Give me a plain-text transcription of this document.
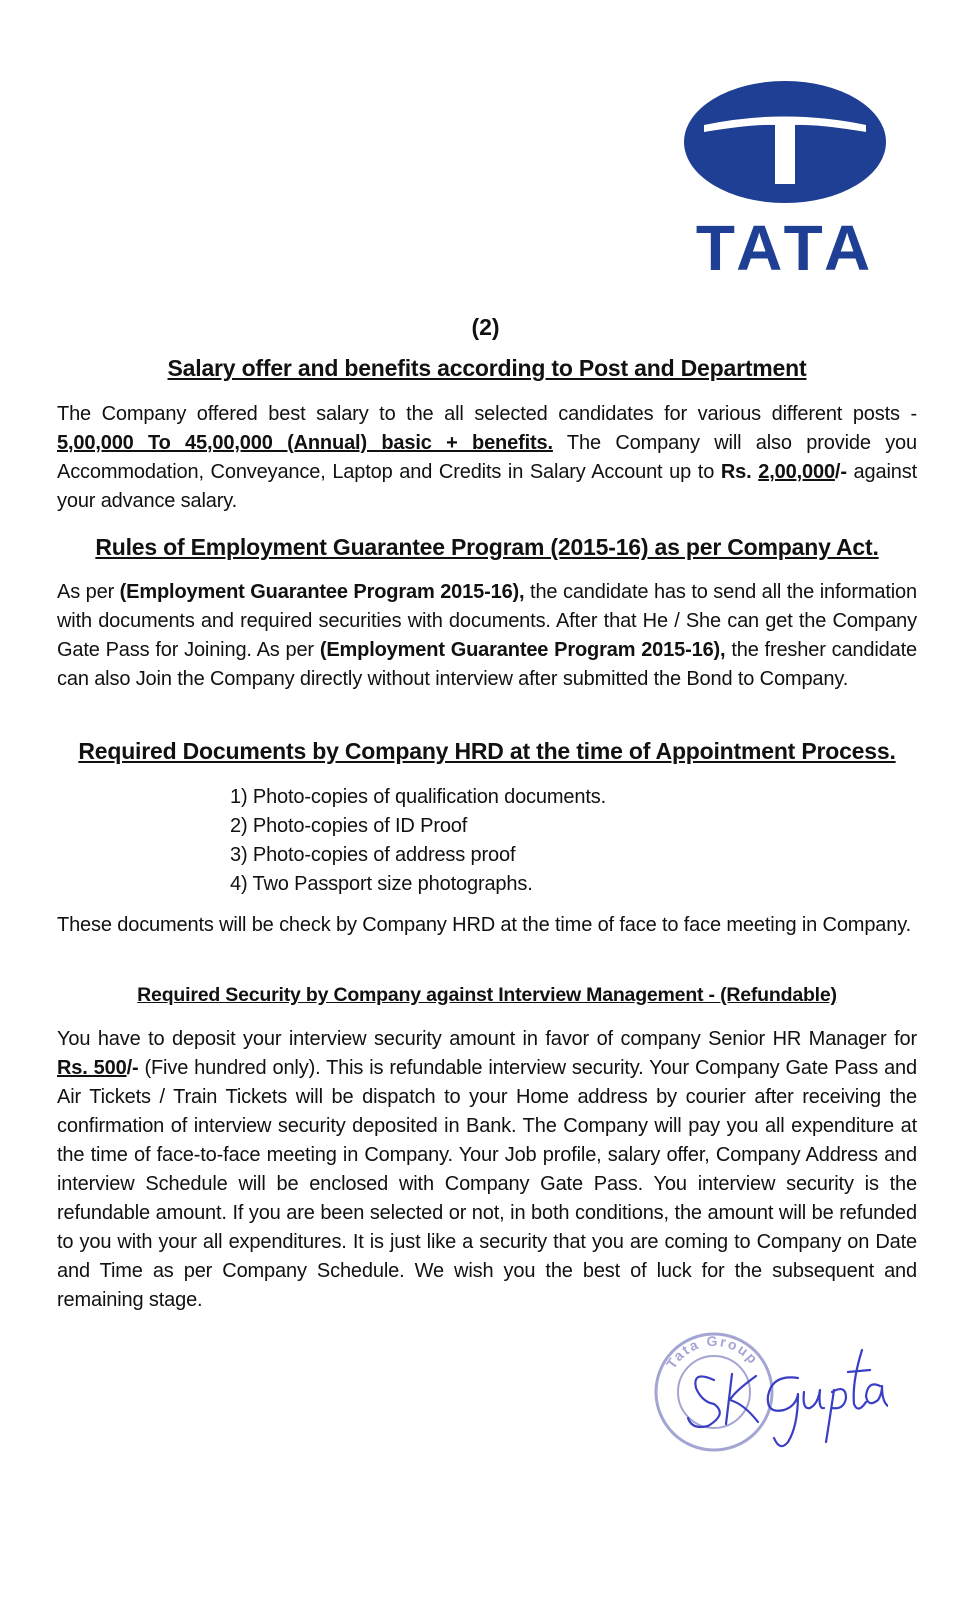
TATA
(2)
Salary offer and benefits according to Post and Department
The Company offered best salary to the all selected candidates for various different posts - 5,00,000 To 45,00,000 (Annual) basic + benefits. The Company will also provide you Accommodation, Conveyance, Laptop and Credits in Salary Account up to Rs. 2,00,000/- against your advance salary.
Rules of Employment Guarantee Program (2015-16) as per Company Act.
As per (Employment Guarantee Program 2015-16), the candidate has to send all the information with documents and required securities with documents. After that He / She can get the Company Gate Pass for Joining. As per (Employment Guarantee Program 2015-16), the fresher candidate can also Join the Company directly without interview after submitted the Bond to Company.
Required Documents by Company HRD at the time of Appointment Process.
1) Photo-copies of qualification documents.
2) Photo-copies of ID Proof
3) Photo-copies of address proof
4) Two Passport size photographs.
These documents will be check by Company HRD at the time of face to face meeting in Company.
Required Security by Company against Interview Management - (Refundable)
You have to deposit your interview security amount in favor of company Senior HR Manager for Rs. 500/- (Five hundred only). This is refundable interview security. Your Company Gate Pass and Air Tickets / Train Tickets will be dispatch to your Home address by courier after receiving the confirmation of interview security deposited in Bank. The Company will pay you all expenditure at the time of face-to-face meeting in Company. Your Job profile, salary offer, Company Address and interview Schedule will be enclosed with Company Gate Pass. You interview security is the refundable amount. If you are been selected or not, in both conditions, the amount will be refunded to you with your all expenditures. It is just like a security that you are coming to Company on Date and Time as per Company Schedule. We wish you the best of luck for the subsequent and remaining stage.
Tata Group
